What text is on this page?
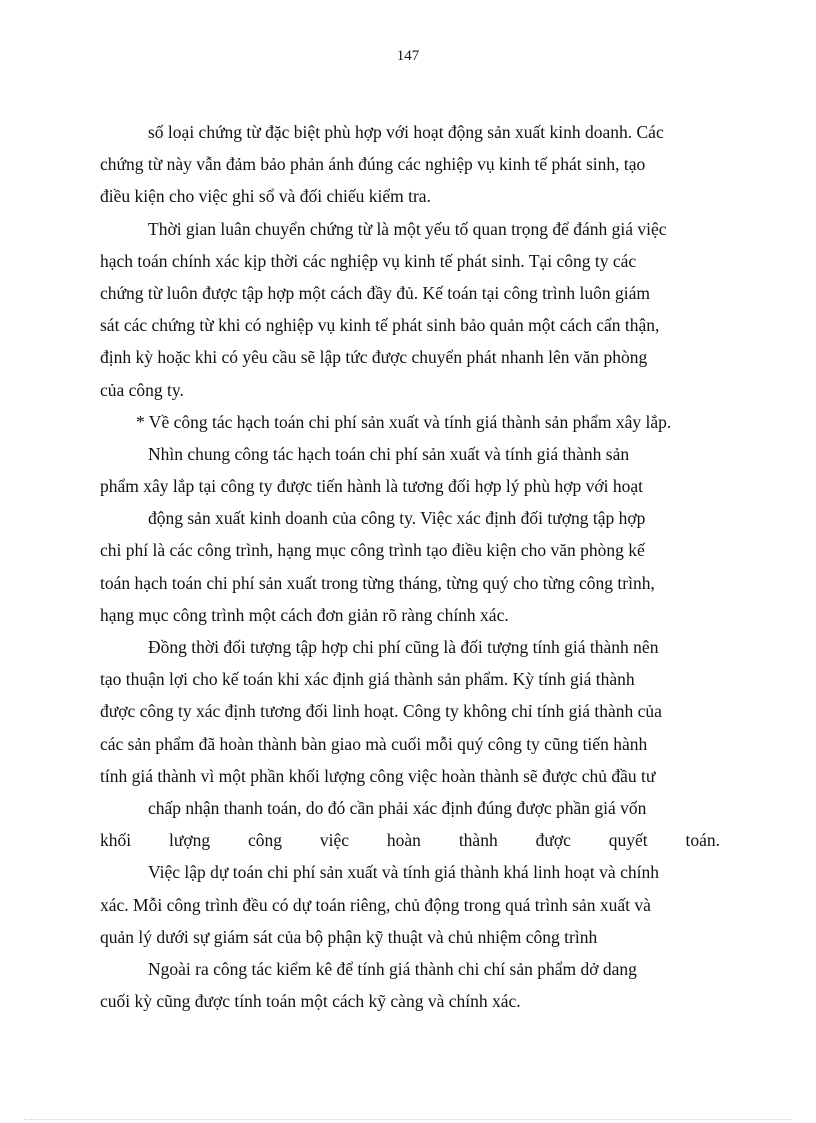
147
số loại chứng từ đặc biệt phù hợp với hoạt động sản xuất kinh doanh. Các
chứng từ này vẫn đảm bảo phản ánh đúng các nghiệp vụ kinh tế phát sinh, tạo
điều kiện cho việc ghi sổ và đối chiếu kiểm tra.
Thời gian luân chuyển chứng từ là một yếu tố quan trọng để đánh giá việc
hạch toán chính xác kịp thời các nghiệp vụ kinh tế phát sinh. Tại công ty các
chứng từ luôn được tập hợp một cách đầy đủ. Kế toán tại công trình luôn giám
sát các chứng từ khi có nghiệp vụ kinh tế phát sinh bảo quản một cách cẩn thận,
định kỳ hoặc khi có yêu cầu sẽ lập tức được chuyển phát nhanh lên văn phòng
của công ty.
* Về công tác hạch toán chi phí sản xuất và tính giá thành sản phẩm xây lắp.
Nhìn chung công tác hạch toán chi phí sản xuất và tính giá thành sản
phẩm xây lắp tại công ty được tiến hành là tương đối hợp lý phù hợp với hoạt
động sản xuất kinh doanh của công ty. Việc xác định đối tượng tập hợp
chi phí là các công trình, hạng mục công trình tạo điều kiện cho văn phòng kế
toán hạch toán chi phí sản xuất trong từng tháng, từng quý cho từng công trình,
hạng mục công trình một cách đơn giản rõ ràng chính xác.
Đồng thời đối tượng tập hợp chi phí cũng là đối tượng tính giá thành nên
tạo thuận lợi cho kế toán khi xác định giá thành sản phẩm. Kỳ tính giá thành
được công ty xác định tương đối linh hoạt. Công ty không chỉ tính giá thành của
các sản phẩm đã hoàn thành bàn giao mà cuối mỗi quý công ty cũng tiến hành
tính giá thành vì một phần khối lượng công việc hoàn thành sẽ được chủ đầu tư
chấp nhận thanh toán, do đó cần phải xác định đúng được phần giá vốn
khối lượng công việc hoàn thành được quyết toán.
Việc lập dự toán chi phí sản xuất và tính giá thành khá linh hoạt và chính
xác. Mỗi công trình đều có dự toán riêng, chủ động trong quá trình sản xuất và
quản lý dưới sự giám sát của bộ phận kỹ thuật và chủ nhiệm công trình
Ngoài ra công tác kiểm kê để tính giá thành chi chí sản phẩm dở dang
cuối kỳ cũng được tính toán một cách kỹ càng và chính xác.
